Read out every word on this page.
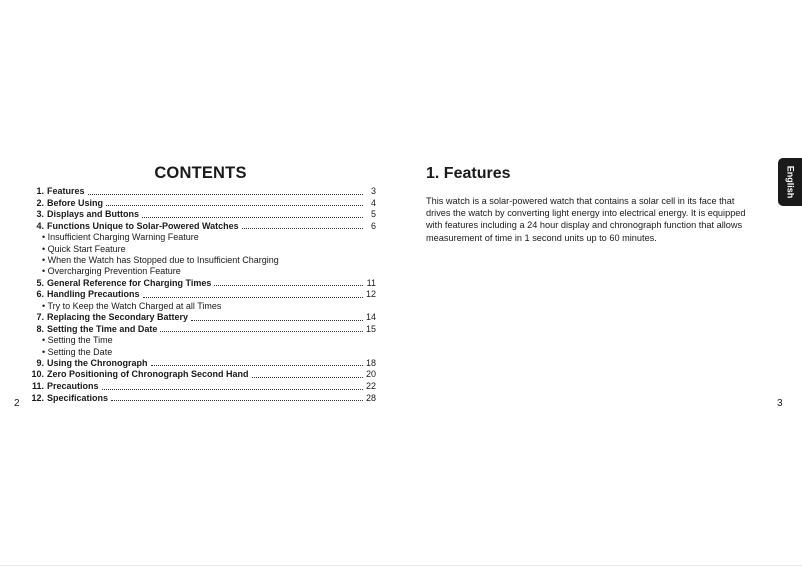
CONTENTS
1. Features	3
2. Before Using	4
3. Displays and Buttons	5
4. Functions Unique to Solar-Powered Watches	6
• Insufficient Charging Warning Feature
• Quick Start Feature
• When the Watch has Stopped due to Insufficient Charging
• Overcharging Prevention Feature
5. General Reference for Charging Times	11
6. Handling Precautions	12
• Try to Keep the Watch Charged at all Times
7. Replacing the Secondary Battery	14
8. Setting the Time and Date	15
• Setting the Time
• Setting the Date
9. Using the Chronograph	18
10. Zero Positioning of Chronograph Second Hand	20
11. Precautions	22
12. Specifications	28
2
1. Features
This watch is a solar-powered watch that contains a solar cell in its face that
drives the watch by converting light energy into electrical energy. It is equipped
with features including a 24 hour display and chronograph function that allows
measurement of time in 1 second units up to 60 minutes.
3
English
